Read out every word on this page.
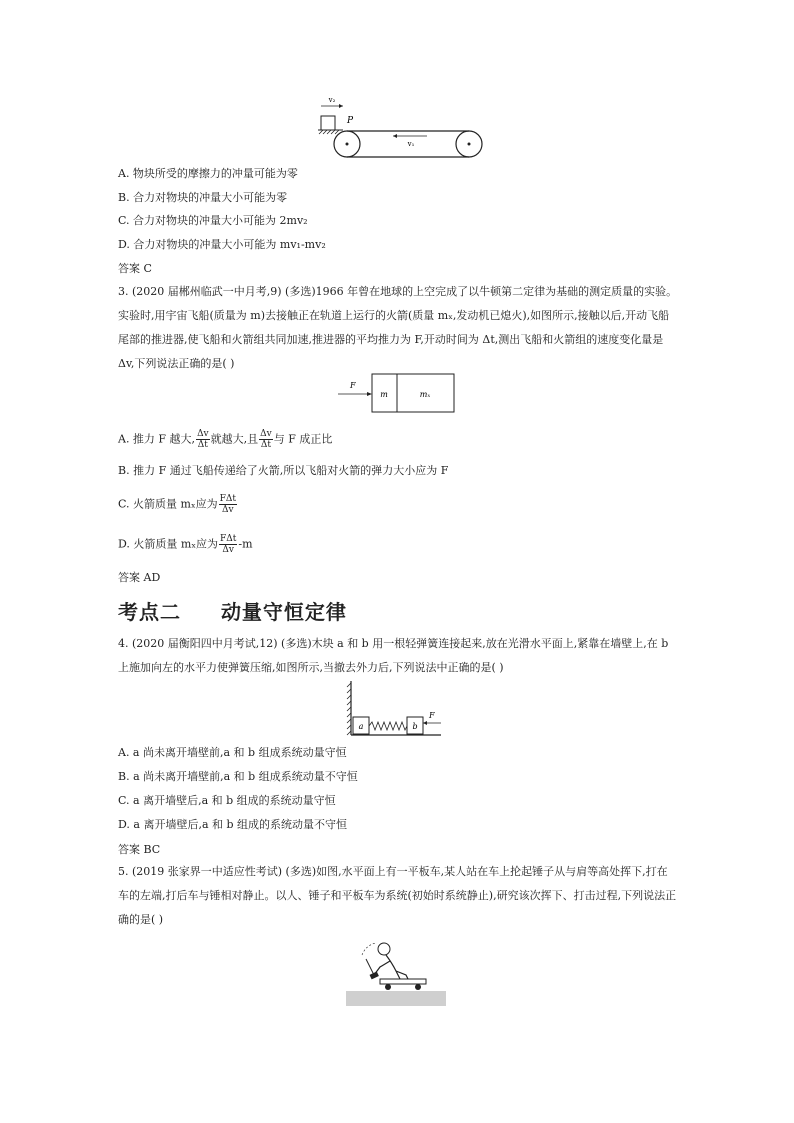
v₂
P
v₁
A. 物块所受的摩擦力的冲量可能为零
B. 合力对物块的冲量大小可能为零
C. 合力对物块的冲量大小可能为 2mv₂
D. 合力对物块的冲量大小可能为 mv₁-mv₂
答案 C
3. (2020 届郴州临武一中月考,9) (多选)1966 年曾在地球的上空完成了以牛顿第二定律为基础的测定质量的实验。实验时,用宇宙飞船(质量为 m)去接触正在轨道上运行的火箭(质量 mₓ,发动机已熄火),如图所示,接触以后,开动飞船尾部的推进器,使飞船和火箭组共同加速,推进器的平均推力为 F,开动时间为 Δt,测出飞船和火箭组的速度变化量是 Δv,下列说法正确的是( )
F
m	mₓ
A. 推力 F 越大, $\frac{\Delta v}{\Delta t}$ 就越大,且 $\frac{\Delta v}{\Delta t}$ 与 F 成正比
B. 推力 F 通过飞船传递给了火箭,所以飞船对火箭的弹力大小应为 F
C. 火箭质量 mₓ应为 $\frac{\text{FΔt}}{\Delta v}$
D. 火箭质量 mₓ应为 $\frac{\text{FΔt}}{\Delta v} -m$
答案 AD
考点二 动量守恒定律
4. (2020 届衡阳四中月考试,12) (多选)木块 a 和 b 用一根轻弹簧连接起来,放在光滑水平面上,紧靠在墙壁上,在 b 上施加向左的水平力使弹簧压缩,如图所示,当撤去外力后,下列说法中正确的是( )
a	b
F
A. a 尚未离开墙壁前,a 和 b 组成系统动量守恒
B. a 尚未离开墙壁前,a 和 b 组成系统动量不守恒
C. a 离开墙壁后,a 和 b 组成的系统动量守恒
D. a 离开墙壁后,a 和 b 组成的系统动量不守恒
答案 BC
5. (2019 张家界一中适应性考试) (多选)如图,水平面上有一平板车,某人站在车上抡起锤子从与肩等高处挥下,打在车的左端,打后车与锤相对静止。以人、锤子和平板车为系统(初始时系统静止),研究该次挥下、打击过程,下列说法正确的是( )
